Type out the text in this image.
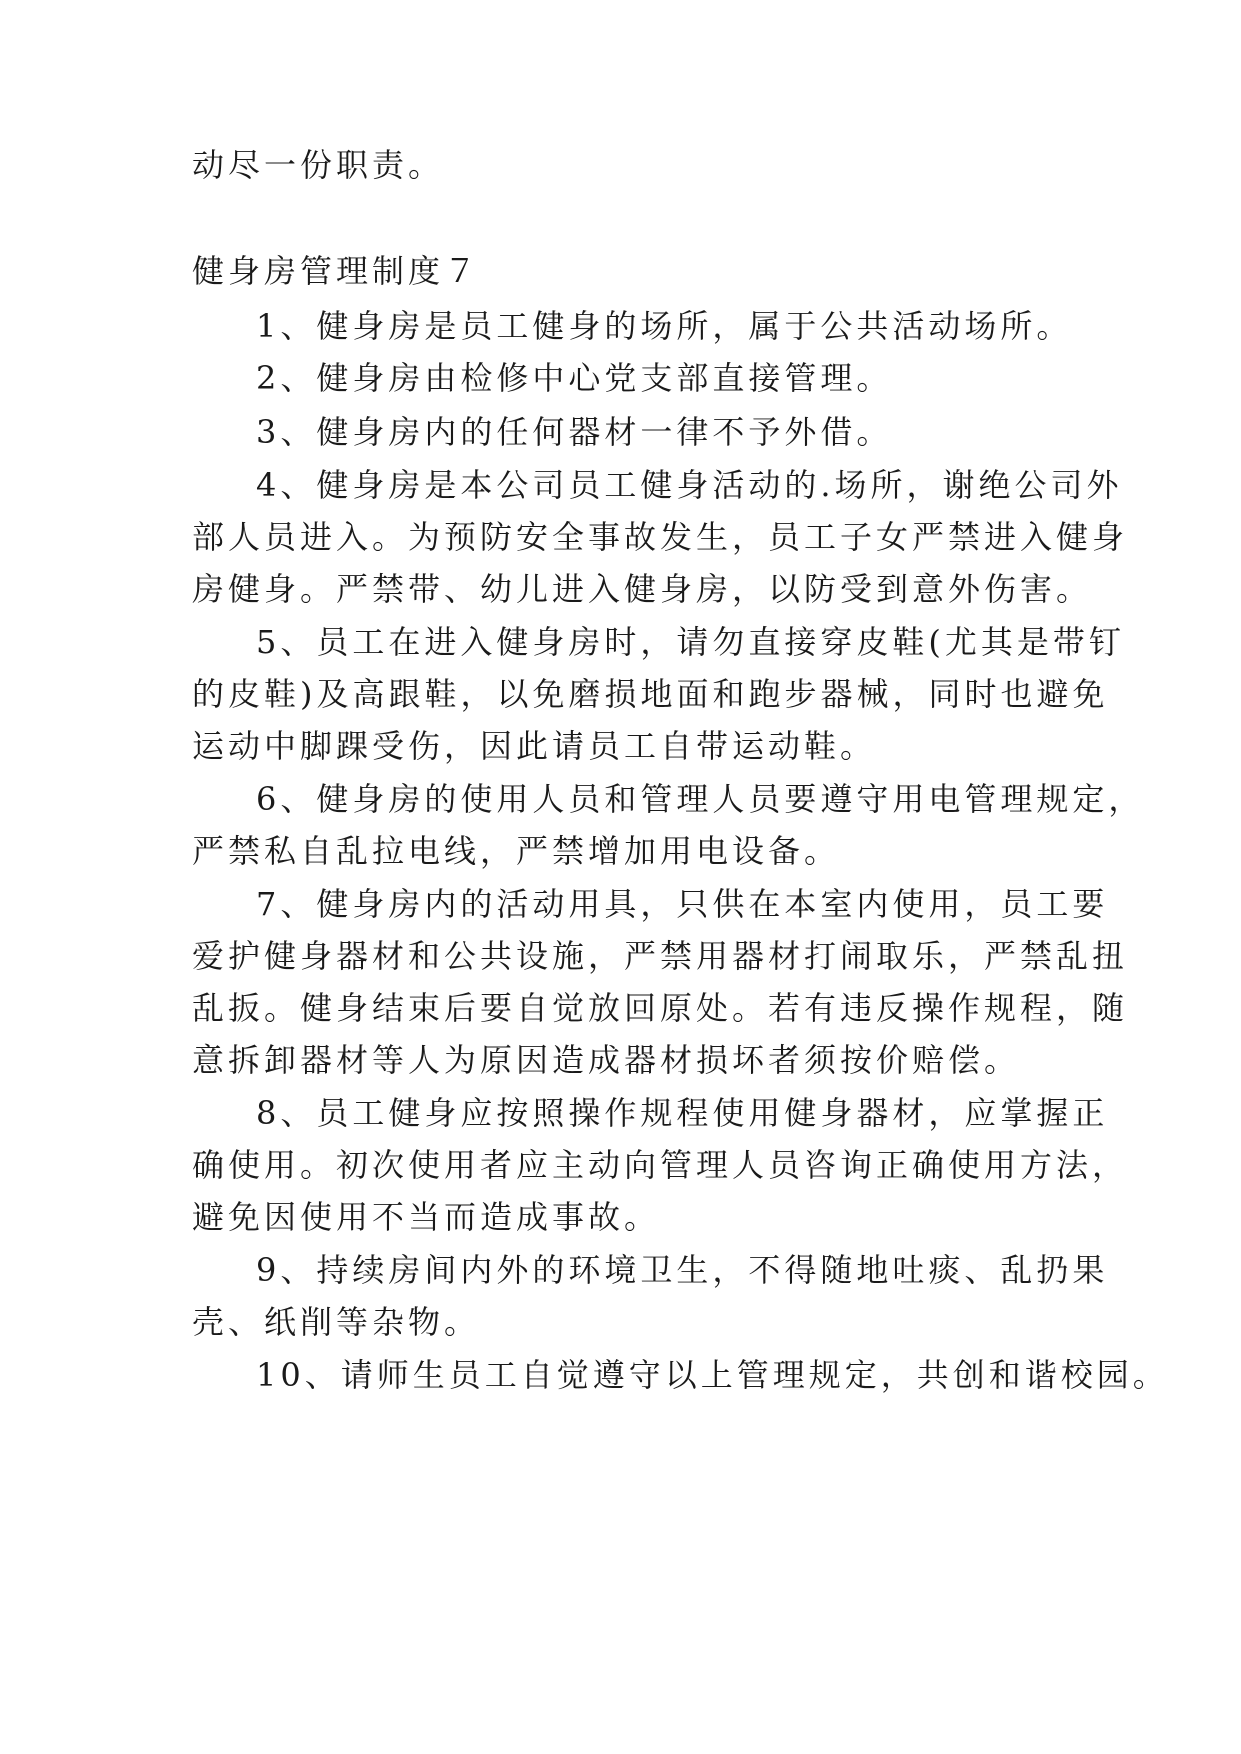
动尽一份职责。
健身房管理制度７
1、健身房是员工健身的场所，属于公共活动场所。
2、健身房由检修中心党支部直接管理。
3、健身房内的任何器材一律不予外借。
4、健身房是本公司员工健身活动的.场所，谢绝公司外
部人员进入。为预防安全事故发生，员工子女严禁进入健身
房健身。严禁带、幼儿进入健身房，以防受到意外伤害。
5、员工在进入健身房时，请勿直接穿皮鞋(尤其是带钉
的皮鞋)及高跟鞋，以免磨损地面和跑步器械，同时也避免
运动中脚踝受伤，因此请员工自带运动鞋。
6、健身房的使用人员和管理人员要遵守用电管理规定，
严禁私自乱拉电线，严禁增加用电设备。
7、健身房内的活动用具，只供在本室内使用，员工要
爱护健身器材和公共设施，严禁用器材打闹取乐，严禁乱扭
乱扳。健身结束后要自觉放回原处。若有违反操作规程，随
意拆卸器材等人为原因造成器材损坏者须按价赔偿。
8、员工健身应按照操作规程使用健身器材，应掌握正
确使用。初次使用者应主动向管理人员咨询正确使用方法，
避免因使用不当而造成事故。
9、持续房间内外的环境卫生，不得随地吐痰、乱扔果
壳、纸削等杂物。
10、请师生员工自觉遵守以上管理规定，共创和谐校园。
